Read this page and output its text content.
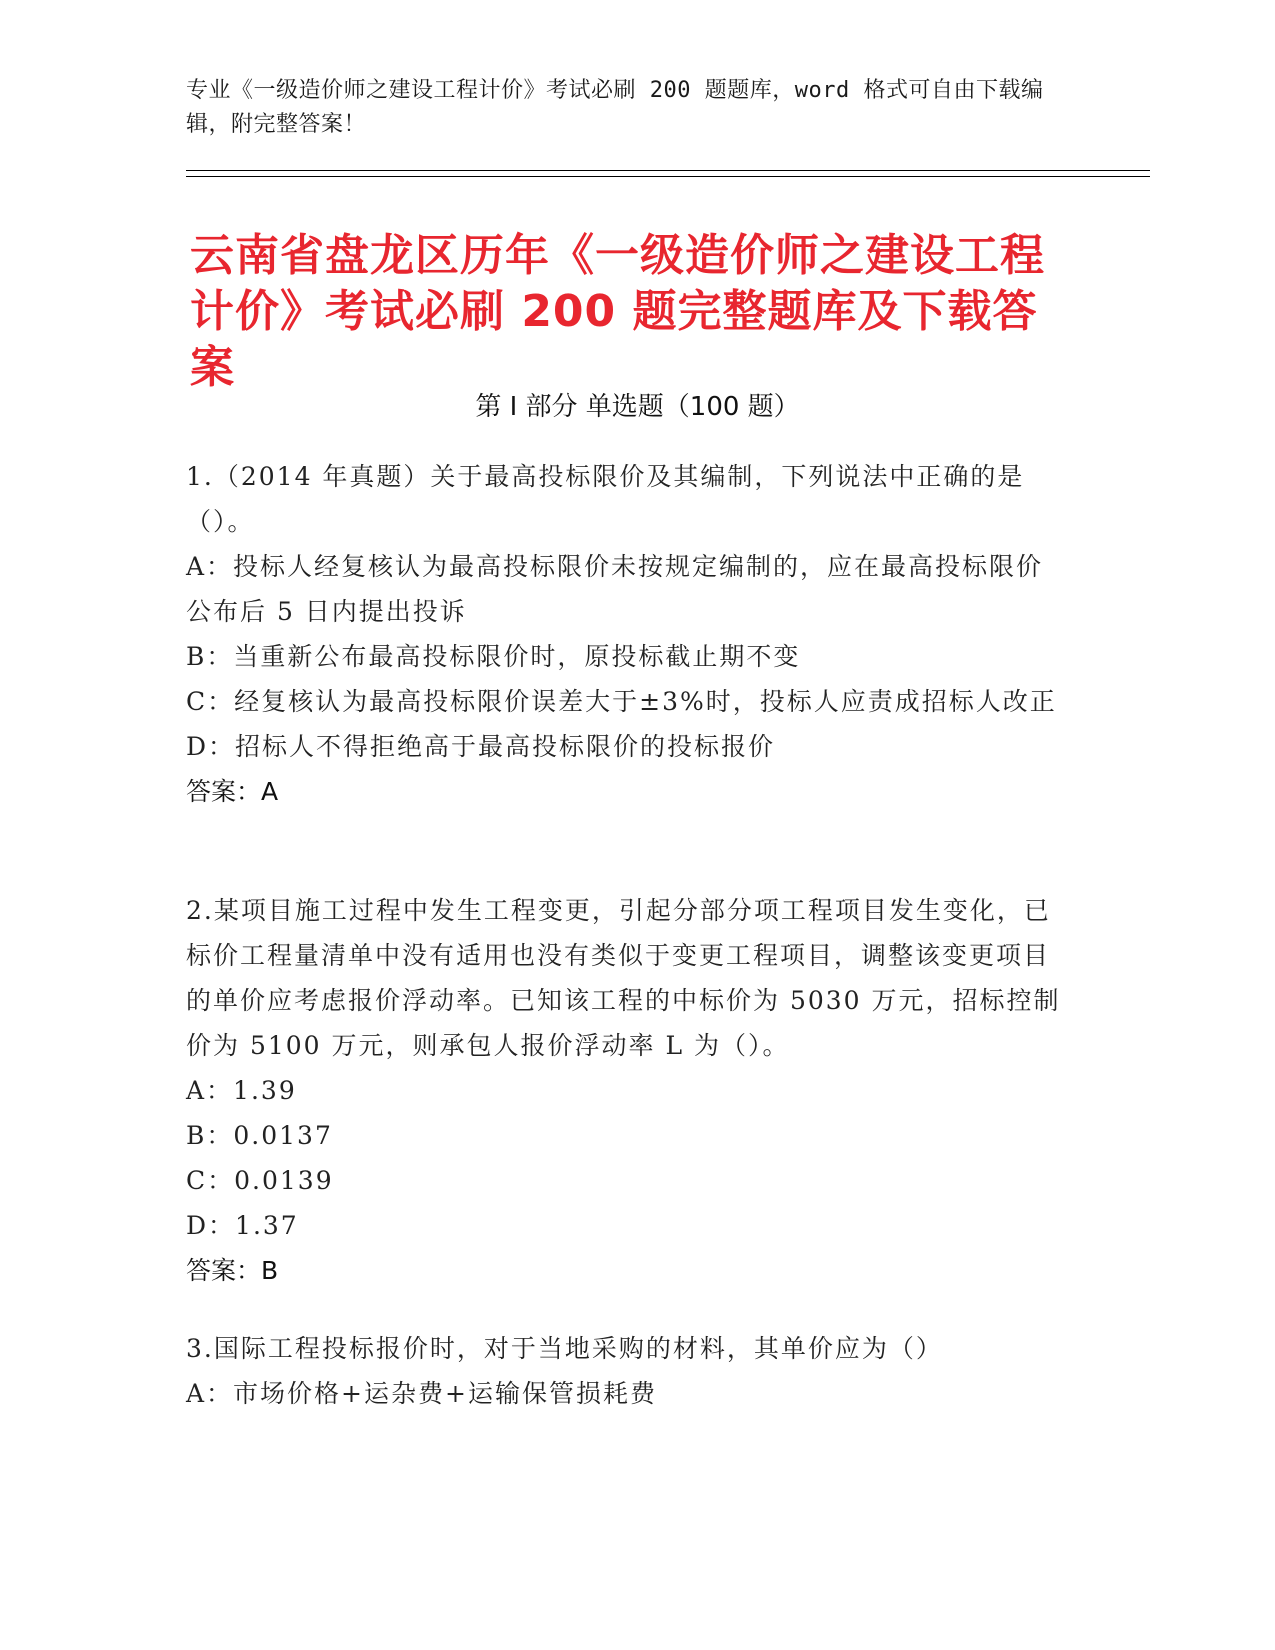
专业《一级造价师之建设工程计价》考试必刷 200 题题库，word 格式可自由下载编辑，附完整答案！
云南省盘龙区历年《一级造价师之建设工程计价》考试必刷 200 题完整题库及下载答案
第 I 部分 单选题（100 题）

1.（2014 年真题）关于最高投标限价及其编制，下列说法中正确的是（）。

A：投标人经复核认为最高投标限价未按规定编制的，应在最高投标限价公布后 5 日内提出投诉

B：当重新公布最高投标限价时，原投标截止期不变

C：经复核认为最高投标限价误差大于±3%时，投标人应责成招标人改正

D：招标人不得拒绝高于最高投标限价的投标报价

答案：A

2.某项目施工过程中发生工程变更，引起分部分项工程项目发生变化，已标价工程量清单中没有适用也没有类似于变更工程项目，调整该变更项目的单价应考虑报价浮动率。已知该工程的中标价为 5030 万元，招标控制价为 5100 万元，则承包人报价浮动率 L 为（）。

A：1.39

B：0.0137

C：0.0139

D：1.37

答案：B

3.国际工程投标报价时，对于当地采购的材料，其单价应为（）

A：市场价格+运杂费+运输保管损耗费
